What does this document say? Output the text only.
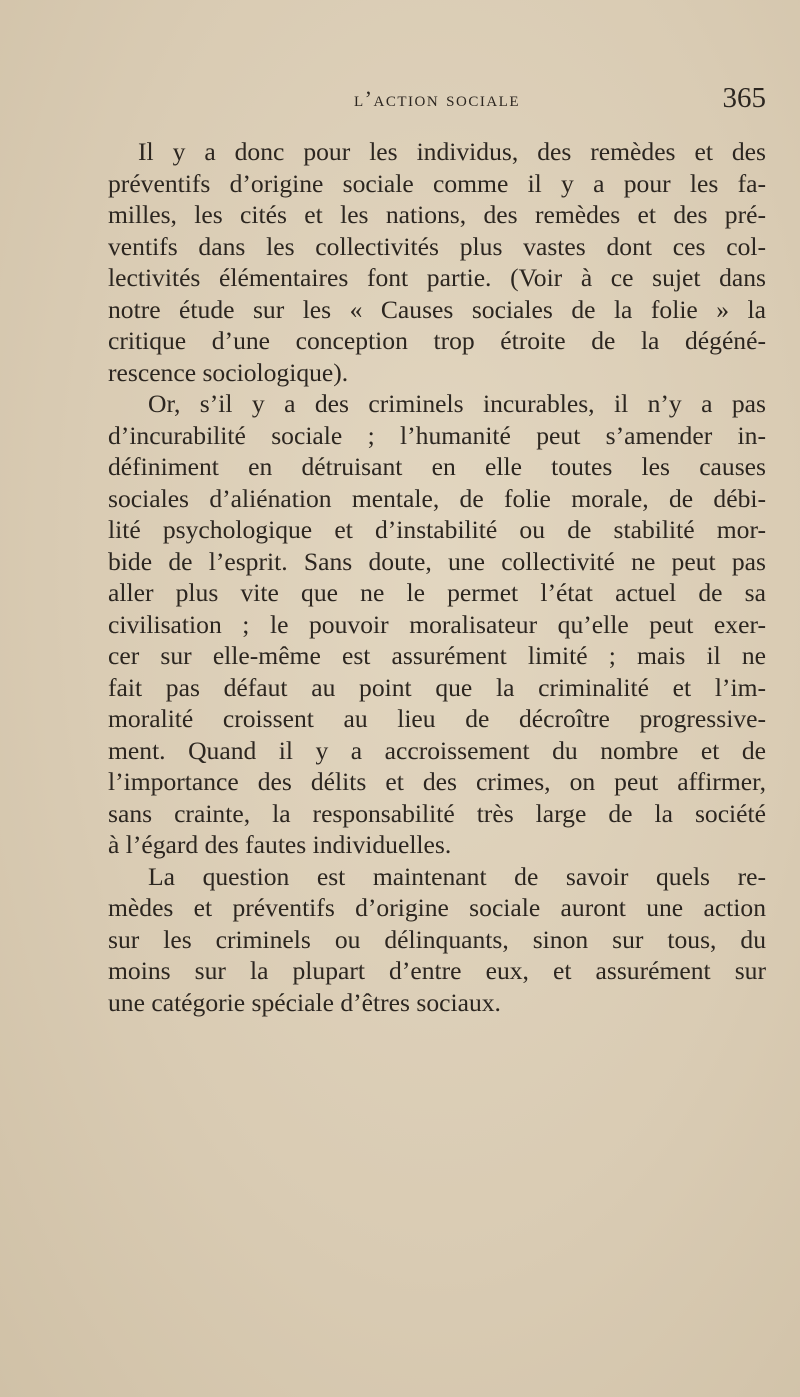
l’action sociale	365
Il y a donc pour les individus, des remèdes et des
préventifs d’origine sociale comme il y a pour les fa-
milles, les cités et les nations, des remèdes et des pré-
ventifs dans les collectivités plus vastes dont ces col-
lectivités élémentaires font partie. (Voir à ce sujet dans
notre étude sur les « Causes sociales de la folie » la
critique d’une conception trop étroite de la dégéné-
rescence sociologique).
Or, s’il y a des criminels incurables, il n’y a pas
d’incurabilité sociale ; l’humanité peut s’amender in-
définiment en détruisant en elle toutes les causes
sociales d’aliénation mentale, de folie morale, de débi-
lité psychologique et d’instabilité ou de stabilité mor-
bide de l’esprit. Sans doute, une collectivité ne peut pas
aller plus vite que ne le permet l’état actuel de sa
civilisation ; le pouvoir moralisateur qu’elle peut exer-
cer sur elle-même est assurément limité ; mais il ne
fait pas défaut au point que la criminalité et l’im-
moralité croissent au lieu de décroître progressive-
ment. Quand il y a accroissement du nombre et de
l’importance des délits et des crimes, on peut affirmer,
sans crainte, la responsabilité très large de la société
à l’égard des fautes individuelles.
La question est maintenant de savoir quels re-
mèdes et préventifs d’origine sociale auront une action
sur les criminels ou délinquants, sinon sur tous, du
moins sur la plupart d’entre eux, et assurément sur
une catégorie spéciale d’êtres sociaux.
